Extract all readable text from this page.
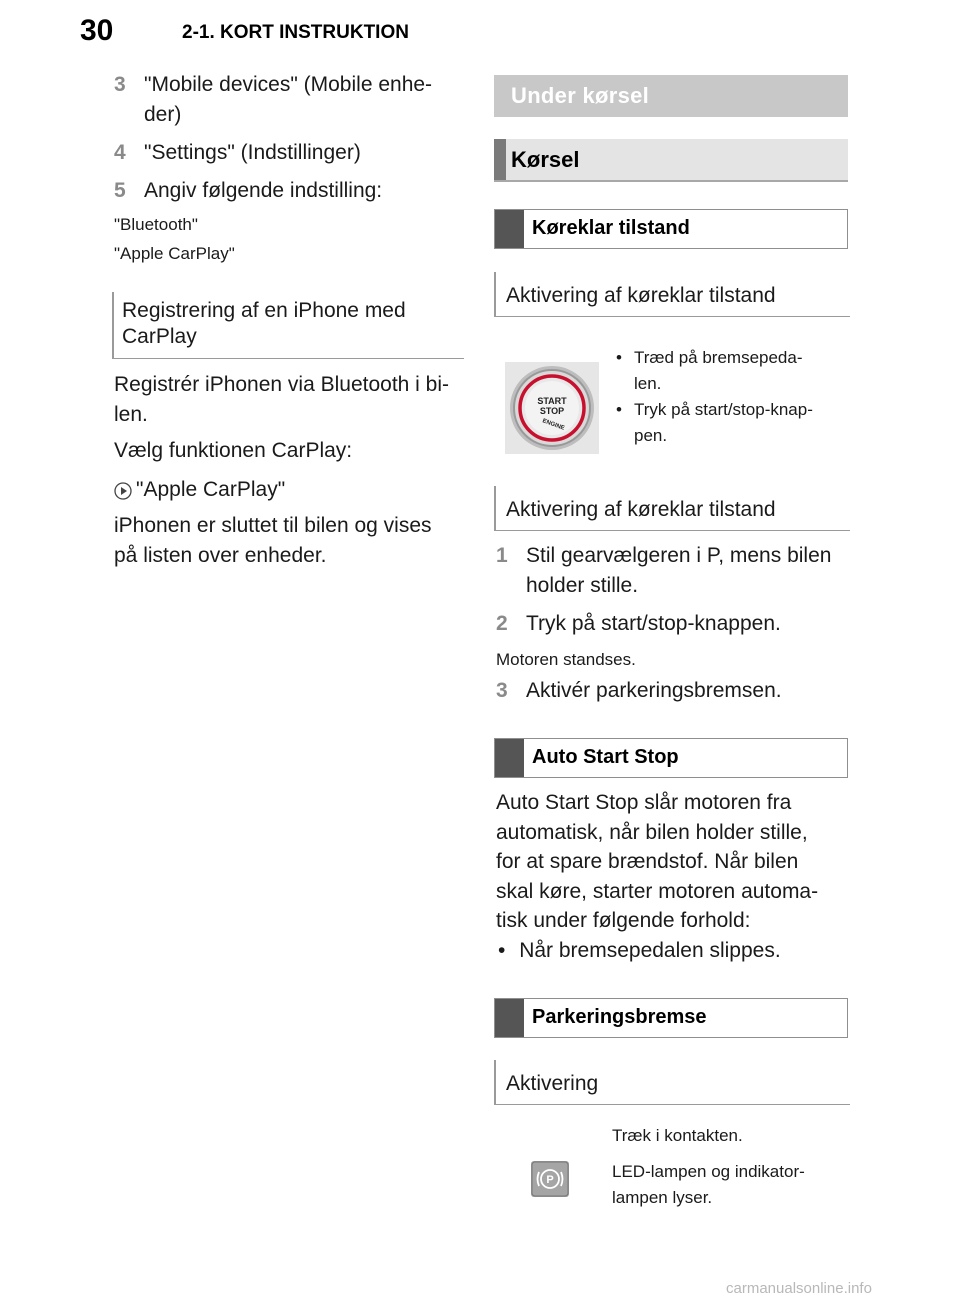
30	2-1. KORT INSTRUKTION
3 "Mobile devices" (Mobile enhe-
der)
4 "Settings" (Indstillinger)
5 Angiv følgende indstilling:
"Bluetooth"
"Apple CarPlay"
Registrering af en iPhone med
CarPlay
Registrér iPhonen via Bluetooth i bi-
len.
Vælg funktionen CarPlay:
"Apple CarPlay"
iPhonen er sluttet til bilen og vises
på listen over enheder.
Under kørsel
Kørsel
Køreklar tilstand
Aktivering af køreklar tilstand
START
STOP
ENGINE
• Træd på bremsepeda-
len.
• Tryk på start/stop-knap-
pen.
Aktivering af køreklar tilstand
1 Stil gearvælgeren i P, mens bilen
holder stille.
2 Tryk på start/stop-knappen.
Motoren standses.
3 Aktivér parkeringsbremsen.
Auto Start Stop
Auto Start Stop slår motoren fra
automatisk, når bilen holder stille,
for at spare brændstof. Når bilen
skal køre, starter motoren automa-
tisk under følgende forhold:
• Når bremsepedalen slippes.
Parkeringsbremse
Aktivering
Træk i kontakten.
P	LED-lampen og indikator-
lampen lyser.
carmanualsonline.info
